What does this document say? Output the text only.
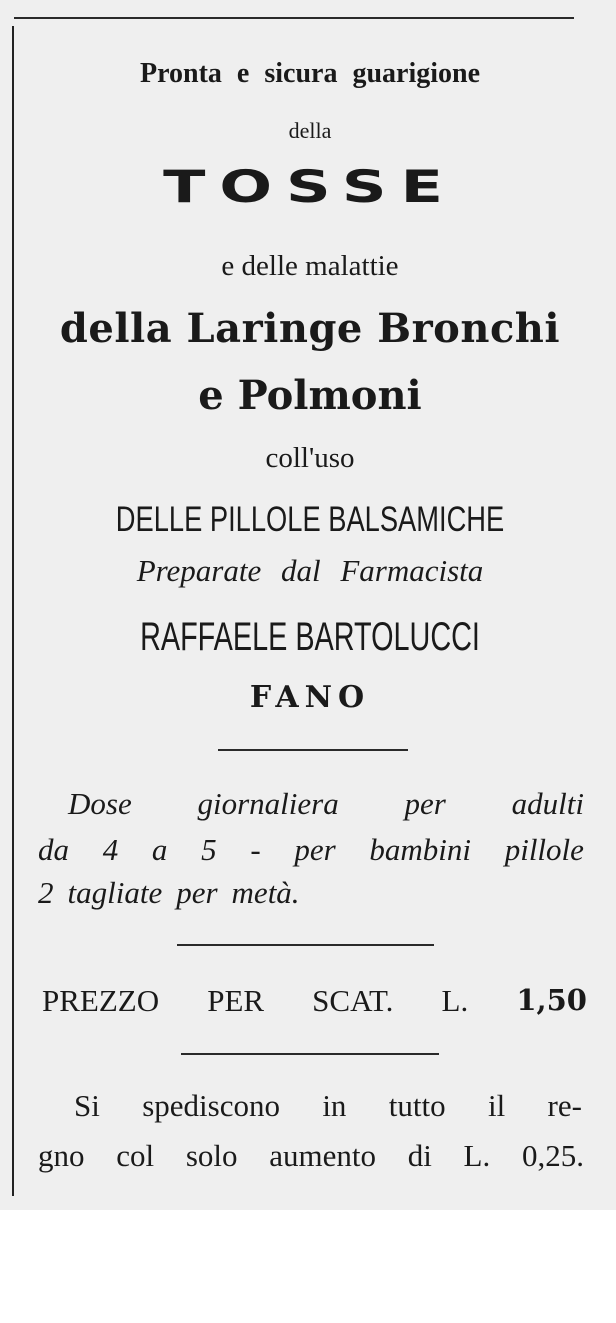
Pronta e sicura guarigione
della
TOSSE
e delle malattie
della Laringe Bronchi
e Polmoni
coll'uso
DELLE PILLOLE BALSAMICHE
Preparate dal Farmacista
RAFFAELE BARTOLUCCI
FANO
Dose giornaliera per adulti
da 4 a 5 - per bambini pillole
2 tagliate per metà.
PREZZO PER SCAT. L. 1,50
Si spediscono in tutto il re-
gno col solo aumento di L. 0,25.
